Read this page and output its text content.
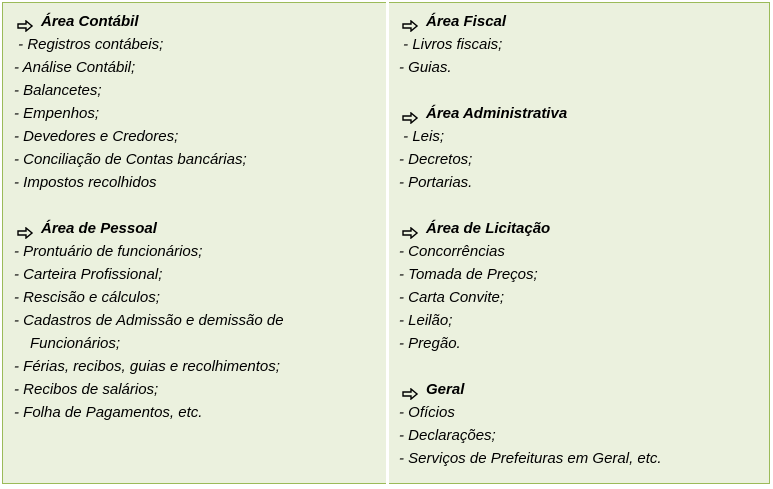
Área Contábil
- Registros contábeis;
- Análise Contábil;
- Balancetes;
- Empenhos;
- Devedores e Credores;
- Conciliação de Contas bancárias;
- Impostos recolhidos
Área de Pessoal
- Prontuário de funcionários;
- Carteira Profissional;
- Rescisão e cálculos;
- Cadastros de Admissão e demissão de
Funcionários;
- Férias, recibos, guias e recolhimentos;
- Recibos de salários;
- Folha de Pagamentos, etc.
Área Fiscal
- Livros fiscais;
- Guias.
Área Administrativa
- Leis;
- Decretos;
- Portarias.
Área de Licitação
- Concorrências
- Tomada de Preços;
- Carta Convite;
- Leilão;
- Pregão.
Geral
- Ofícios
- Declarações;
- Serviços de Prefeituras em Geral, etc.
